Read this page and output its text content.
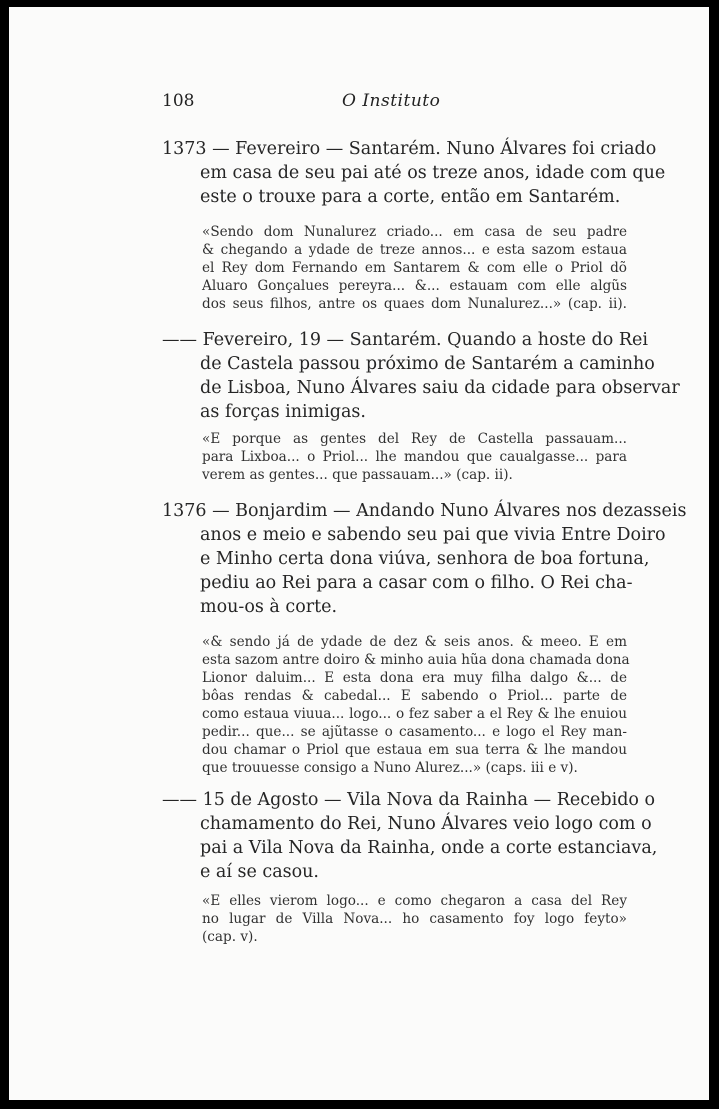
108	O Instituto
1373 — Fevereiro — Santarém. Nuno Álvares foi criado
em casa de seu pai até os treze anos, idade com que
este o trouxe para a corte, então em Santarém.
«Sendo dom Nunalurez criado... em casa de seu padre
& chegando a ydade de treze annos... e esta sazom estaua
el Rey dom Fernando em Santarem & com elle o Priol dõ
Aluaro Gonçalues pereyra... &... estauam com elle algũs
dos seus filhos, antre os quaes dom Nunalurez...» (cap. ii).
—— Fevereiro, 19 — Santarém. Quando a hoste do Rei
de Castela passou próximo de Santarém a caminho
de Lisboa, Nuno Álvares saiu da cidade para observar
as forças inimigas.
«E porque as gentes del Rey de Castella passauam...
para Lixboa... o Priol... lhe mandou que caualgasse... para
verem as gentes... que passauam...» (cap. ii).
1376 — Bonjardim — Andando Nuno Álvares nos dezasseis
anos e meio e sabendo seu pai que vivia Entre Doiro
e Minho certa dona viúva, senhora de boa fortuna,
pediu ao Rei para a casar com o filho. O Rei cha-
mou-os à corte.
«& sendo já de ydade de dez & seis anos. & meeo. E em
esta sazom antre doiro & minho auia hũa dona chamada dona
Lionor daluim... E esta dona era muy filha dalgo &... de
bôas rendas & cabedal... E sabendo o Priol... parte de
como estaua viuua... logo... o fez saber a el Rey & lhe enuiou
pedir... que... se ajũtasse o casamento... e logo el Rey man-
dou chamar o Priol que estaua em sua terra & lhe mandou
que trouuesse consigo a Nuno Alurez...» (caps. iii e v).
—— 15 de Agosto — Vila Nova da Rainha — Recebido o
chamamento do Rei, Nuno Álvares veio logo com o
pai a Vila Nova da Rainha, onde a corte estanciava,
e aí se casou.
«E elles vierom logo... e como chegaron a casa del Rey
no lugar de Villa Nova... ho casamento foy logo feyto»
(cap. v).
